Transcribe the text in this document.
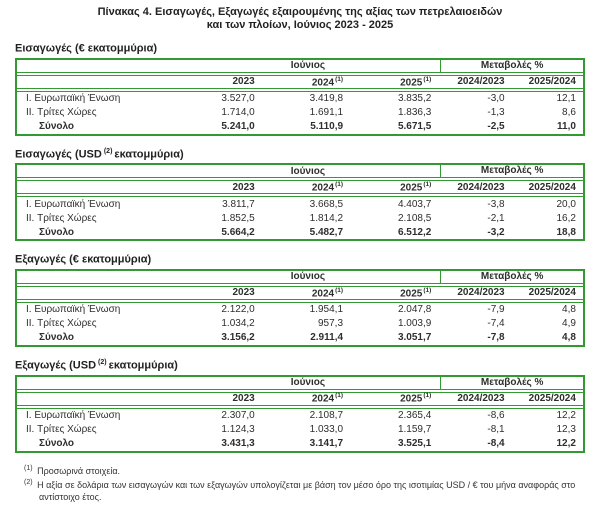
Πίνακας 4. Εισαγωγές, Εξαγωγές εξαιρουμένης της αξίας των πετρελαιοειδών
και των πλοίων, Ιούνιος 2023 - 2025
Εισαγωγές (€ εκατομμύρια)
Ιούνιος	Μεταβολές %
2023	2024$^{(1)}$	2025$^{(1)}$	2024/2023	2025/2024
I. Ευρωπαϊκή Ένωση	3.527,0	3.419,8	3.835,2	-3,0	12,1
II. Τρίτες Χώρες	1.714,0	1.691,1	1.836,3	-1,3	8,6
Σύνολο	5.241,0	5.110,9	5.671,5	-2,5	11,0
Εισαγωγές (USD $^{(2)}$ εκατομμύρια)
Ιούνιος	Μεταβολές %
2023	2024$^{(1)}$	2025$^{(1)}$	2024/2023	2025/2024
I. Ευρωπαϊκή Ένωση	3.811,7	3.668,5	4.403,7	-3,8	20,0
II. Τρίτες Χώρες	1.852,5	1.814,2	2.108,5	-2,1	16,2
Σύνολο	5.664,2	5.482,7	6.512,2	-3,2	18,8
Εξαγωγές (€ εκατομμύρια)
Ιούνιος	Μεταβολές %
2023	2024$^{(1)}$	2025$^{(1)}$	2024/2023	2025/2024
I. Ευρωπαϊκή Ένωση	2.122,0	1.954,1	2.047,8	-7,9	4,8
II. Τρίτες Χώρες	1.034,2	957,3	1.003,9	-7,4	4,9
Σύνολο	3.156,2	2.911,4	3.051,7	-7,8	4,8
Εξαγωγές (USD $^{(2)}$ εκατομμύρια)
Ιούνιος	Μεταβολές %
2023	2024$^{(1)}$	2025$^{(1)}$	2024/2023	2025/2024
I. Ευρωπαϊκή Ένωση	2.307,0	2.108,7	2.365,4	-8,6	12,2
II. Τρίτες Χώρες	1.124,3	1.033,0	1.159,7	-8,1	12,3
Σύνολο	3.431,3	3.141,7	3.525,1	-8,4	12,2

$^{(1)}$ Προσωρινά στοιχεία.

$^{(2)}$ Η αξία σε δολάρια των εισαγωγών και των εξαγωγών υπολογίζεται με βάση τον μέσο όρο της ισοτιμίας USD / € του μήνα αναφοράς στο αντίστοιχο έτος.
